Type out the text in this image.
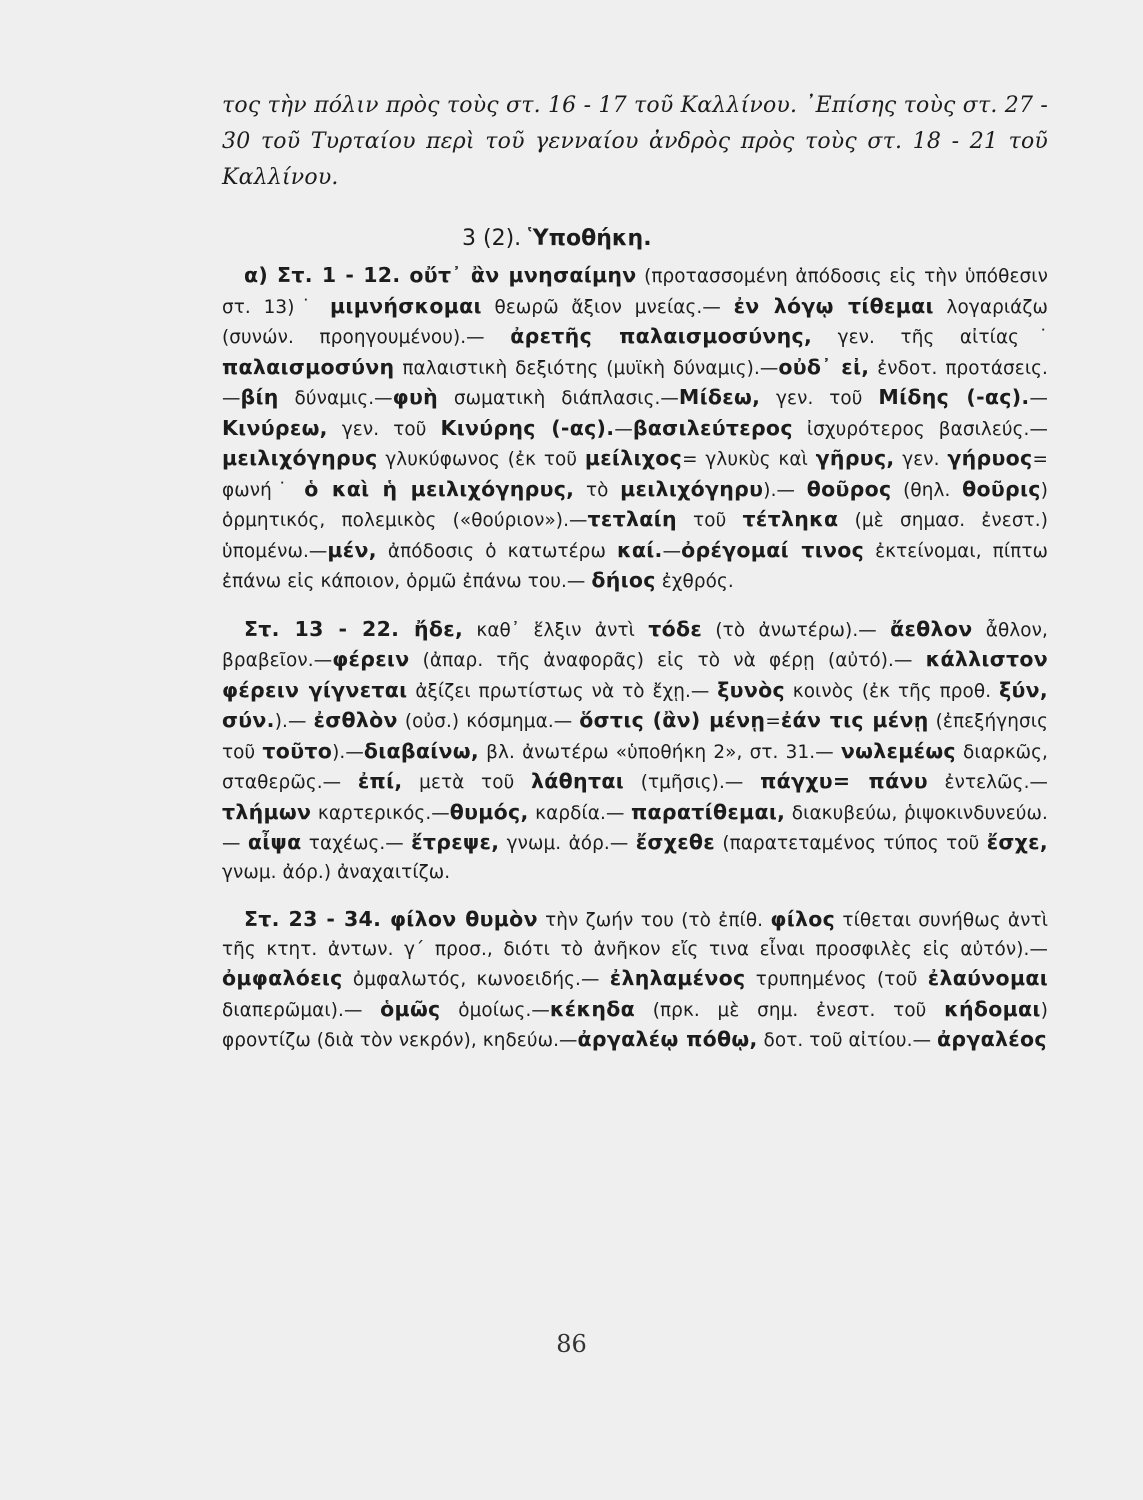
τος τὴν πόλιν πρὸς τοὺς στ. 16 - 17 τοῦ Καλλίνου. ᾿Επίσης τοὺς στ. 27 - 30 τοῦ Τυρταίου περὶ τοῦ γενναίου ἀνδρὸς πρὸς τοὺς στ. 18 - 21 τοῦ Καλλίνου.

3 (2). Ὑποθήκη.

α) Στ. 1 - 12. οὔτ᾿ ἂν μνησαίμην (προτασσομένη ἀπόδοσις εἰς τὴν ὑπόθεσιν στ. 13)˙ μιμνήσκομαι θεωρῶ ἄξιον μνείας.— ἐν λόγῳ τίθεμαι λογαριάζω (συνών. προηγουμένου).— ἀρετῆς παλαισμοσύνης, γεν. τῆς αἰτίας˙ παλαισμοσύνη παλαιστικὴ δεξιότης (μυϊκὴ δύναμις).—οὐδ᾿ εἰ, ἐνδοτ. προτάσεις.—βίη δύναμις.—φυὴ σωματικὴ διάπλασις.—Μίδεω, γεν. τοῦ Μίδης (-ας).—Κινύρεω, γεν. τοῦ Κινύρης (-ας).—βασιλεύτερος ἰσχυρότερος βασιλεύς.—μειλιχόγηρυς γλυκύφωνος (ἐκ τοῦ μείλιχος= γλυκὺς καὶ γῆρυς, γεν. γήρυος= φωνή˙ ὁ καὶ ἡ μειλιχόγηρυς, τὸ μειλιχόγηρυ).— θοῦρος (θηλ. θοῦρις) ὁρμητικός, πολεμικὸς («θούριον»).—τετλαίη τοῦ τέτληκα (μὲ σημασ. ἐνεστ.) ὑπομένω.—μέν, ἀπόδοσις ὁ κατωτέρω καί.—ὀρέγομαί τινος ἐκτείνομαι, πίπτω ἐπάνω εἰς κάποιον, ὁρμῶ ἐπάνω του.— δήιος ἐχθρός.

Στ. 13 - 22. ἤδε, καθ᾿ ἕλξιν ἀντὶ τόδε (τὸ ἀνωτέρω).— ἄεθλον ἆθλον, βραβεῖον.—φέρειν (ἀπαρ. τῆς ἀναφορᾶς) εἰς τὸ νὰ φέρῃ (αὐτό).— κάλλιστον φέρειν γίγνεται ἀξίζει πρωτίστως νὰ τὸ ἔχῃ.— ξυνὸς κοινὸς (ἐκ τῆς προθ. ξύν, σύν.).— ἐσθλὸν (οὐσ.) κόσμημα.— ὅστις (ἂν) μένῃ=ἐάν τις μένῃ (ἐπεξήγησις τοῦ τοῦτο).—διαβαίνω, βλ. ἀνωτέρω «ὑποθήκη 2», στ. 31.— νωλεμέως διαρκῶς, σταθερῶς.— ἐπί, μετὰ τοῦ λάθηται (τμῆσις).— πάγχυ= πάνυ ἐντελῶς.— τλήμων καρτερικός.—θυμός, καρδία.— παρατίθεμαι, διακυβεύω, ῥιψοκινδυνεύω.— αἶψα ταχέως.— ἔτρεψε, γνωμ. ἀόρ.— ἔσχεθε (παρατεταμένος τύπος τοῦ ἔσχε, γνωμ. ἀόρ.) ἀναχαιτίζω.

Στ. 23 - 34. φίλον θυμὸν τὴν ζωήν του (τὸ ἐπίθ. φίλος τίθεται συνήθως ἀντὶ τῆς κτητ. ἀντων. γ΄ προσ., διότι τὸ ἀνῆκον εἴς τινα εἶναι προσφιλὲς εἰς αὐτόν).— ὀμφαλόεις ὀμφαλωτός, κωνοειδής.— ἐληλαμένος τρυπημένος (τοῦ ἐλαύνομαι διαπερῶμαι).— ὁμῶς ὁμοίως.—κέκηδα (πρκ. μὲ σημ. ἐνεστ. τοῦ κήδομαι) φροντίζω (διὰ τὸν νεκρόν), κηδεύω.—ἀργαλέῳ πόθῳ, δοτ. τοῦ αἰτίου.— ἀργαλέος

86
